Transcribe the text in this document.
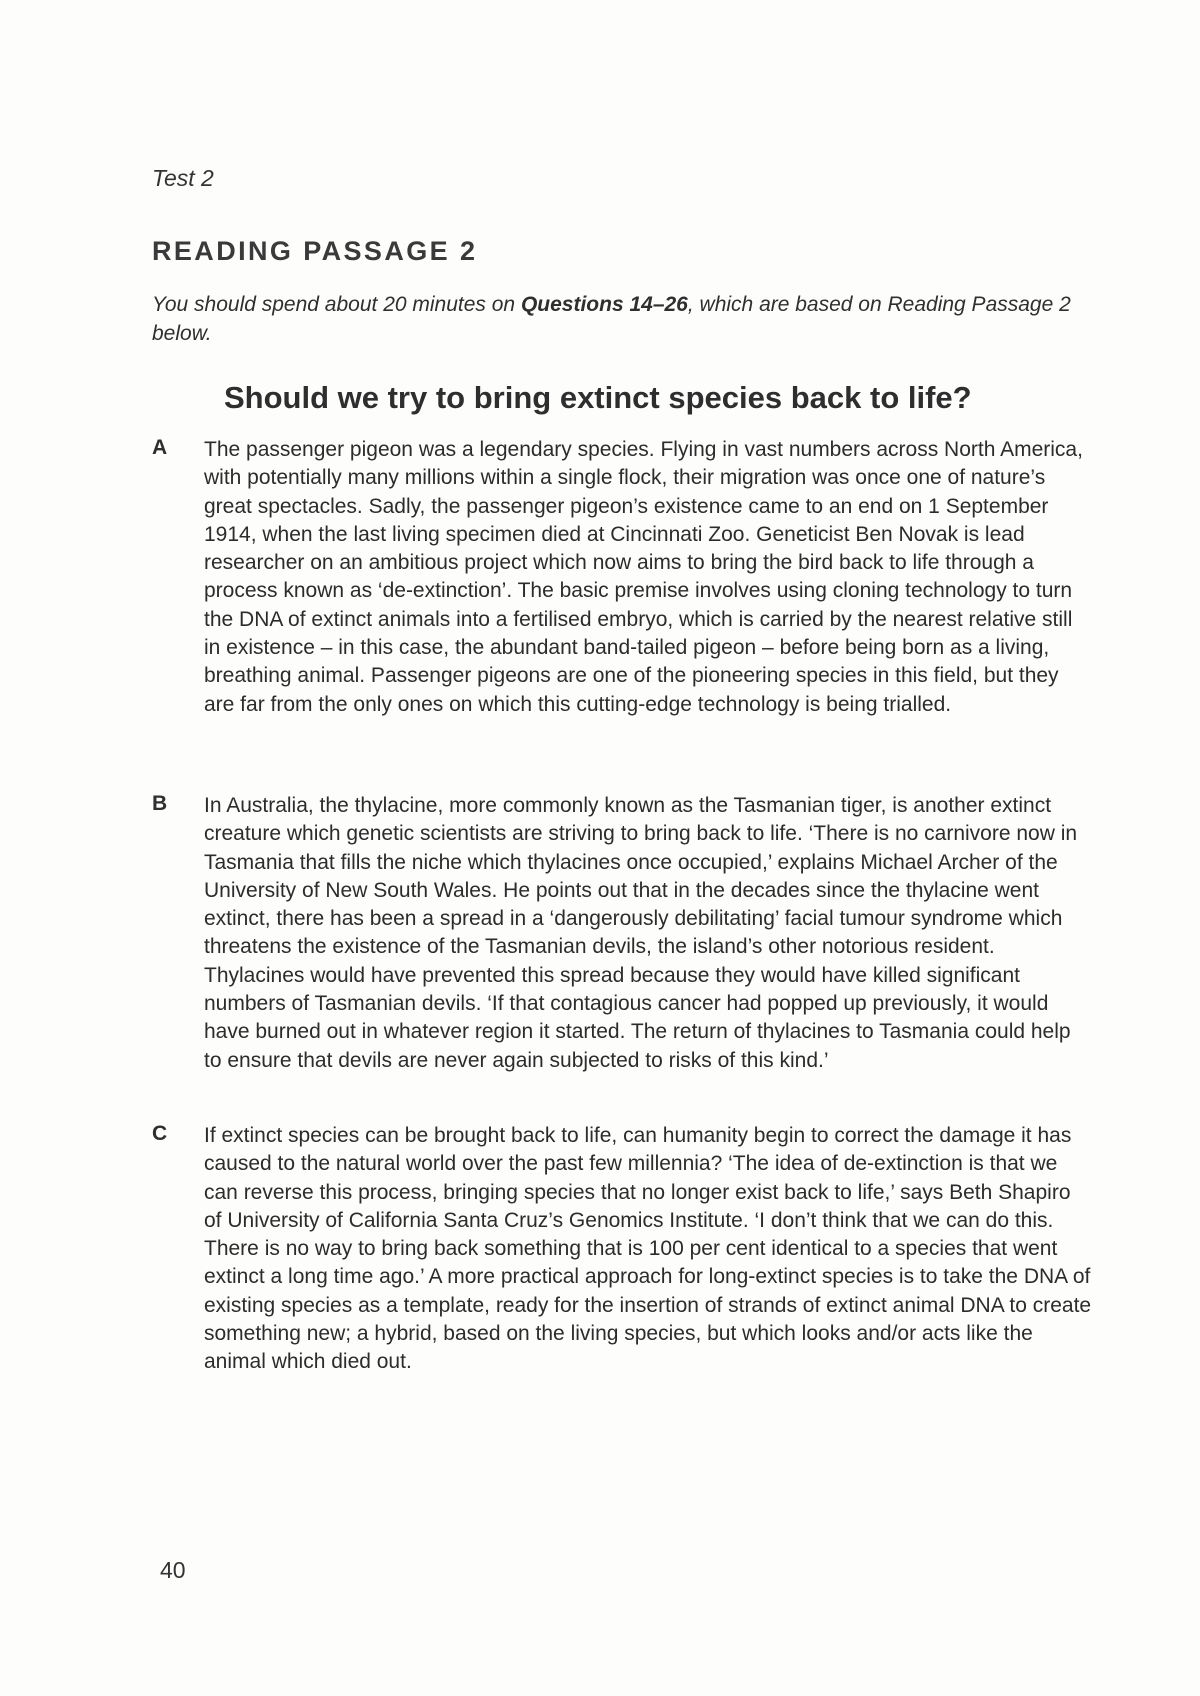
Test 2
READING PASSAGE 2
You should spend about 20 minutes on Questions 14–26, which are based on Reading Passage 2 below.
Should we try to bring extinct species back to life?
A The passenger pigeon was a legendary species. Flying in vast numbers across North America, with potentially many millions within a single flock, their migration was once one of nature’s great spectacles. Sadly, the passenger pigeon’s existence came to an end on 1 September 1914, when the last living specimen died at Cincinnati Zoo. Geneticist Ben Novak is lead researcher on an ambitious project which now aims to bring the bird back to life through a process known as ‘de-extinction’. The basic premise involves using cloning technology to turn the DNA of extinct animals into a fertilised embryo, which is carried by the nearest relative still in existence – in this case, the abundant band-tailed pigeon – before being born as a living, breathing animal. Passenger pigeons are one of the pioneering species in this field, but they are far from the only ones on which this cutting-edge technology is being trialled.
B In Australia, the thylacine, more commonly known as the Tasmanian tiger, is another extinct creature which genetic scientists are striving to bring back to life. ‘There is no carnivore now in Tasmania that fills the niche which thylacines once occupied,’ explains Michael Archer of the University of New South Wales. He points out that in the decades since the thylacine went extinct, there has been a spread in a ‘dangerously debilitating’ facial tumour syndrome which threatens the existence of the Tasmanian devils, the island’s other notorious resident. Thylacines would have prevented this spread because they would have killed significant numbers of Tasmanian devils. ‘If that contagious cancer had popped up previously, it would have burned out in whatever region it started. The return of thylacines to Tasmania could help to ensure that devils are never again subjected to risks of this kind.’
C If extinct species can be brought back to life, can humanity begin to correct the damage it has caused to the natural world over the past few millennia? ‘The idea of de-extinction is that we can reverse this process, bringing species that no longer exist back to life,’ says Beth Shapiro of University of California Santa Cruz’s Genomics Institute. ‘I don’t think that we can do this. There is no way to bring back something that is 100 per cent identical to a species that went extinct a long time ago.’ A more practical approach for long-extinct species is to take the DNA of existing species as a template, ready for the insertion of strands of extinct animal DNA to create something new; a hybrid, based on the living species, but which looks and/or acts like the animal which died out.
40
